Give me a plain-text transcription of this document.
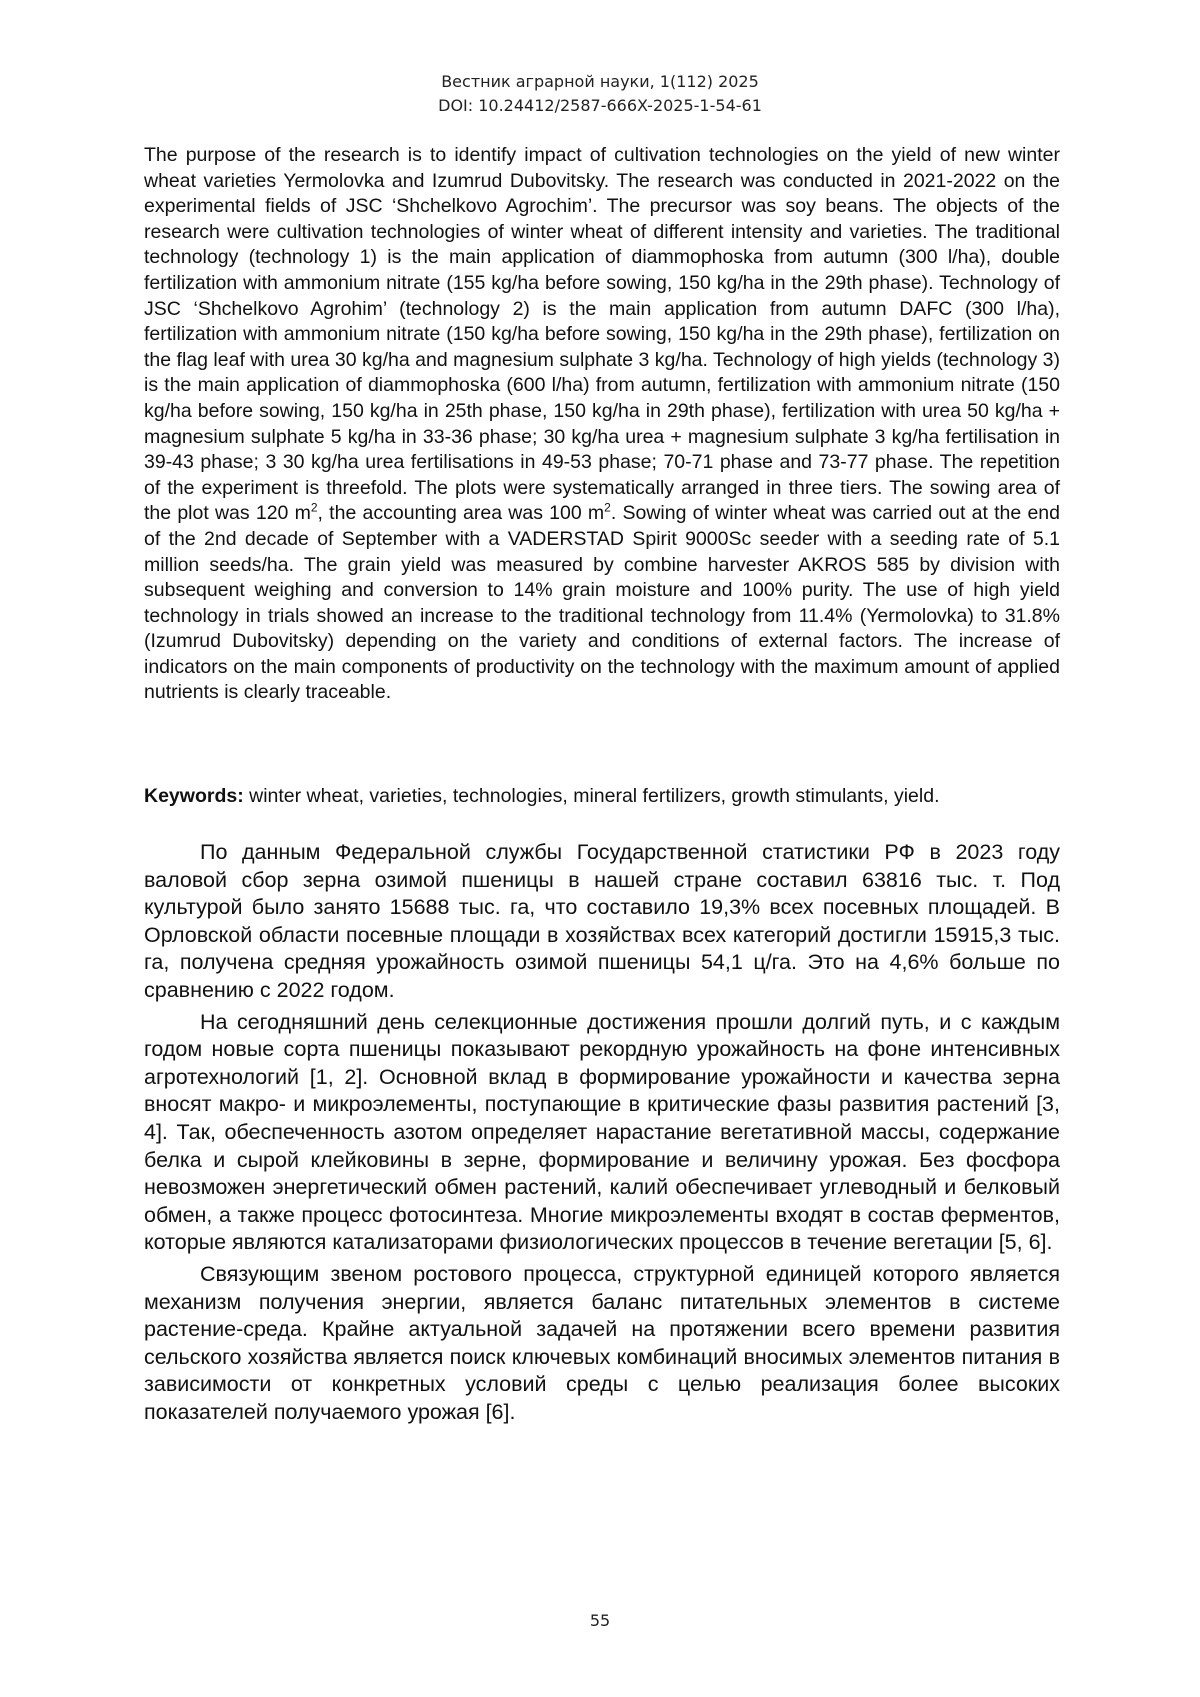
Вестник аграрной науки, 1(112) 2025
DOI: 10.24412/2587-666X-2025-1-54-61

The purpose of the research is to identify impact of cultivation technologies on the yield of new winter wheat varieties Yermolovka and Izumrud Dubovitsky. The research was conducted in 2021-2022 on the experimental fields of JSC ‘Shchelkovo Agrochim’. The precursor was soy beans. The objects of the research were cultivation technologies of winter wheat of different intensity and varieties. The traditional technology (technology 1) is the main application of diammophoska from autumn (300 l/ha), double fertilization with ammonium nitrate (155 kg/ha before sowing, 150 kg/ha in the 29th phase). Technology of JSC ‘Shchelkovo Agrohim’ (technology 2) is the main application from autumn DAFC (300 l/ha), fertilization with ammonium nitrate (150 kg/ha before sowing, 150 kg/ha in the 29th phase), fertilization on the flag leaf with urea 30 kg/ha and magnesium sulphate 3 kg/ha. Technology of high yields (technology 3) is the main application of diammophoska (600 l/ha) from autumn, fertilization with ammonium nitrate (150 kg/ha before sowing, 150 kg/ha in 25th phase, 150 kg/ha in 29th phase), fertilization with urea 50 kg/ha + magnesium sulphate 5 kg/ha in 33-36 phase; 30 kg/ha urea + magnesium sulphate 3 kg/ha fertilisation in 39-43 phase; 3 30 kg/ha urea fertilisations in 49-53 phase; 70-71 phase and 73-77 phase. The repetition of the experiment is threefold. The plots were systematically arranged in three tiers. The sowing area of the plot was 120 $m^2$, the accounting area was 100 $m^2$. Sowing of winter wheat was carried out at the end of the 2nd decade of September with a VADERSTAD Spirit 9000Sc seeder with a seeding rate of 5.1 million seeds/ha. The grain yield was measured by combine harvester AKROS 585 by division with subsequent weighing and conversion to 14% grain moisture and 100% purity. The use of high yield technology in trials showed an increase to the traditional technology from 11.4% (Yermolovka) to 31.8% (Izumrud Dubovitsky) depending on the variety and conditions of external factors. The increase of indicators on the main components of productivity on the technology with the maximum amount of applied nutrients is clearly traceable.

Keywords: winter wheat, varieties, technologies, mineral fertilizers, growth stimulants, yield.

По данным Федеральной службы Государственной статистики РФ в 2023 году валовой сбор зерна озимой пшеницы в нашей стране составил 63816 тыс. т. Под культурой было занято 15688 тыс. га, что составило 19,3% всех посевных площадей. В Орловской области посевные площади в хозяйствах всех категорий достигли 15915,3 тыс. га, получена средняя урожайность озимой пшеницы 54,1 ц/га. Это на 4,6% больше по сравнению с 2022 годом.

На сегодняшний день селекционные достижения прошли долгий путь, и с каждым годом новые сорта пшеницы показывают рекордную урожайность на фоне интенсивных агротехнологий [1, 2]. Основной вклад в формирование урожайности и качества зерна вносят макро- и микроэлементы, поступающие в критические фазы развития растений [3, 4]. Так, обеспеченность азотом определяет нарастание вегетативной массы, содержание белка и сырой клейковины в зерне, формирование и величину урожая. Без фосфора невозможен энергетический обмен растений, калий обеспечивает углеводный и белковый обмен, а также процесс фотосинтеза. Многие микроэлементы входят в состав ферментов, которые являются катализаторами физиологических процессов в течение вегетации [5, 6].

Связующим звеном ростового процесса, структурной единицей которого является механизм получения энергии, является баланс питательных элементов в системе растение-среда. Крайне актуальной задачей на протяжении всего времени развития сельского хозяйства является поиск ключевых комбинаций вносимых элементов питания в зависимости от конкретных условий среды с целью реализация более высоких показателей получаемого урожая [6].

55
